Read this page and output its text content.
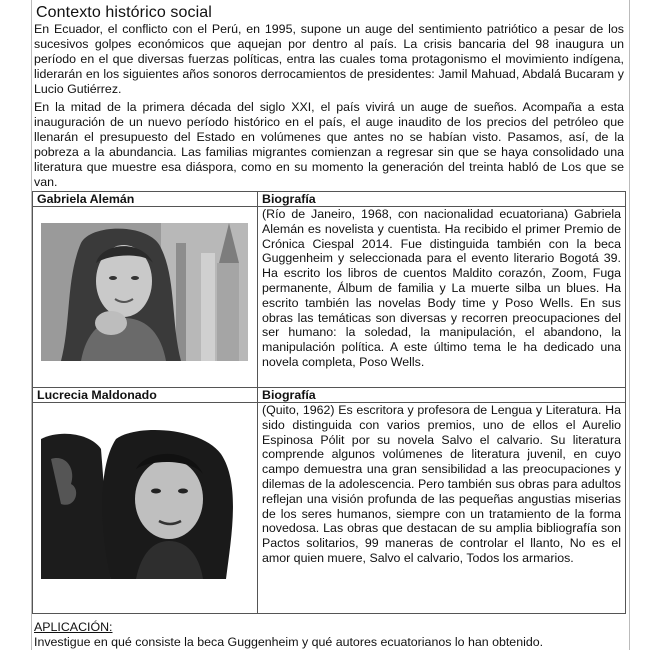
Contexto histórico social

En Ecuador, el conflicto con el Perú, en 1995, supone un auge del sentimiento patriótico a pesar de los sucesivos golpes económicos que aquejan por dentro al país. La crisis bancaria del 98 inaugura un período en el que diversas fuerzas políticas, entra las cuales toma protagonismo el movimiento indígena, liderarán en los siguientes años sonoros derrocamientos de presidentes: Jamil Mahuad, Abdalá Bucaram y Lucio Gutiérrez.

En la mitad de la primera década del siglo XXI, el país vivirá un auge de sueños. Acompaña a esta inauguración de un nuevo período histórico en el país, el auge inaudito de los precios del petróleo que llenarán el presupuesto del Estado en volúmenes que antes no se habían visto. Pasamos, así, de la pobreza a la abundancia. Las familias migrantes comienzan a regresar sin que se haya consolidado una literatura que muestre esa diáspora, como en su momento la generación del treinta habló de Los que se van.

Gabriela Alemán	Biografía

	(Río de Janeiro, 1968, con nacionalidad ecuatoriana) Gabriela Alemán es novelista y cuentista. Ha recibido el primer Premio de Crónica Ciespal 2014. Fue distinguida también con la beca Guggenheim y seleccionada para el evento literario Bogotá 39. Ha escrito los libros de cuentos Maldito corazón, Zoom, Fuga permanente, Álbum de familia y La muerte silba un blues. Ha escrito también las novelas Body time y Poso Wells. En sus obras las temáticas son diversas y recorren preocupaciones del ser humano: la soledad, la manipulación, el abandono, la manipulación política. A este último tema le ha dedicado una novela completa, Poso Wells.
Lucrecia Maldonado	Biografía

	(Quito, 1962) Es escritora y profesora de Lengua y Literatura. Ha sido distinguida con varios premios, uno de ellos el Aurelio Espinosa Pólit por su novela Salvo el calvario. Su literatura comprende algunos volúmenes de literatura juvenil, en cuyo campo demuestra una gran sensibilidad a las preocupaciones y dilemas de la adolescencia. Pero también sus obras para adultos reflejan una visión profunda de las pequeñas angustias miserias de los seres humanos, siempre con un tratamiento de la forma novedosa. Las obras que destacan de su amplia bibliografía son Pactos solitarios, 99 maneras de controlar el llanto, No es el amor quien muere, Salvo el calvario, Todos los armarios.
APLICACIÓN:
Investigue en qué consiste la beca Guggenheim y qué autores ecuatorianos lo han obtenido.
